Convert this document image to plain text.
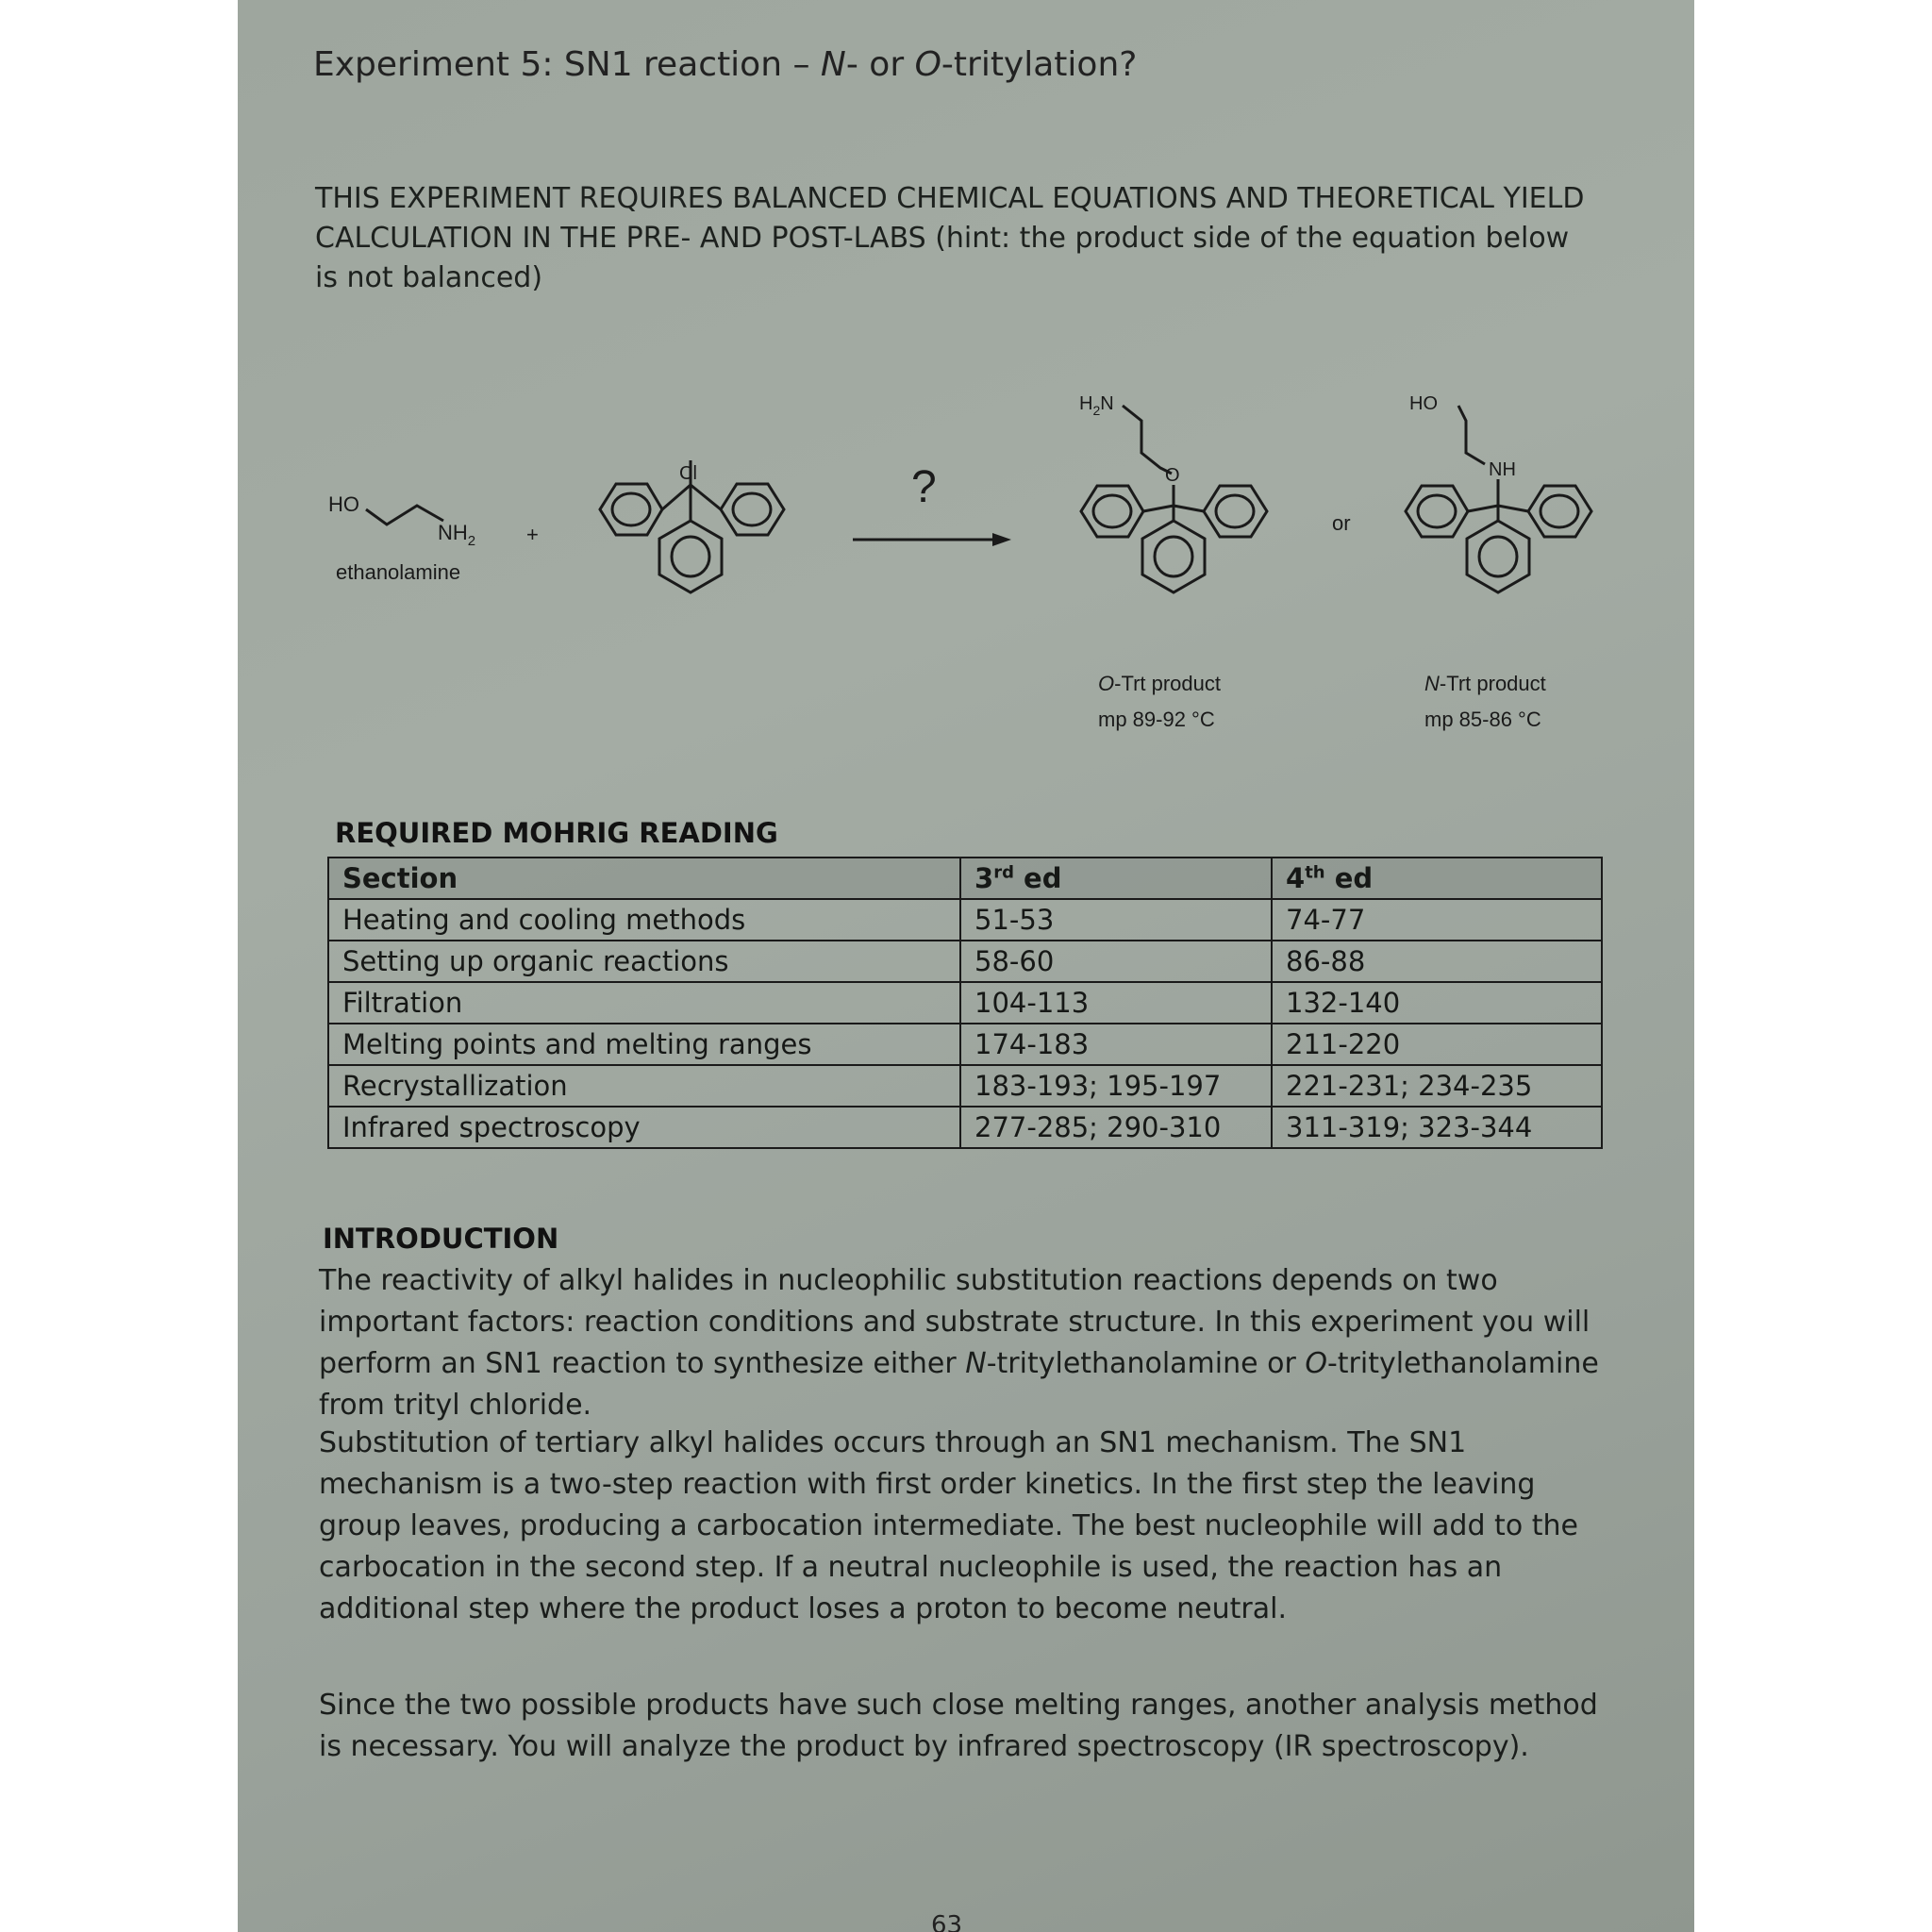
Experiment 5: SN1 reaction – N- or O-tritylation?
THIS EXPERIMENT REQUIRES BALANCED CHEMICAL EQUATIONS AND THEORETICAL YIELD CALCULATION IN THE PRE- AND POST-LABS (hint: the product side of the equation below is not balanced)
HO
$NH_2$
ethanolamine
+
Cl	?
$H_2N$
O
or
HO
NH
O-Trt product
mp 89-92 °C
N-Trt product
mp 85-86 °C
REQUIRED MOHRIG READING
Section	3rd ed	4th ed
Heating and cooling methods	51-53	74-77
Setting up organic reactions	58-60	86-88
Filtration	104-113	132-140
Melting points and melting ranges	174-183	211-220
Recrystallization	183-193; 195-197	221-231; 234-235
Infrared spectroscopy	277-285; 290-310	311-319; 323-344
INTRODUCTION
The reactivity of alkyl halides in nucleophilic substitution reactions depends on two important factors: reaction conditions and substrate structure. In this experiment you will perform an SN1 reaction to synthesize either N-tritylethanolamine or O-tritylethanolamine from trityl chloride.
Substitution of tertiary alkyl halides occurs through an SN1 mechanism. The SN1 mechanism is a two-step reaction with first order kinetics. In the first step the leaving group leaves, producing a carbocation intermediate. The best nucleophile will add to the carbocation in the second step. If a neutral nucleophile is used, the reaction has an additional step where the product loses a proton to become neutral.
Since the two possible products have such close melting ranges, another analysis method is necessary. You will analyze the product by infrared spectroscopy (IR spectroscopy).
63
